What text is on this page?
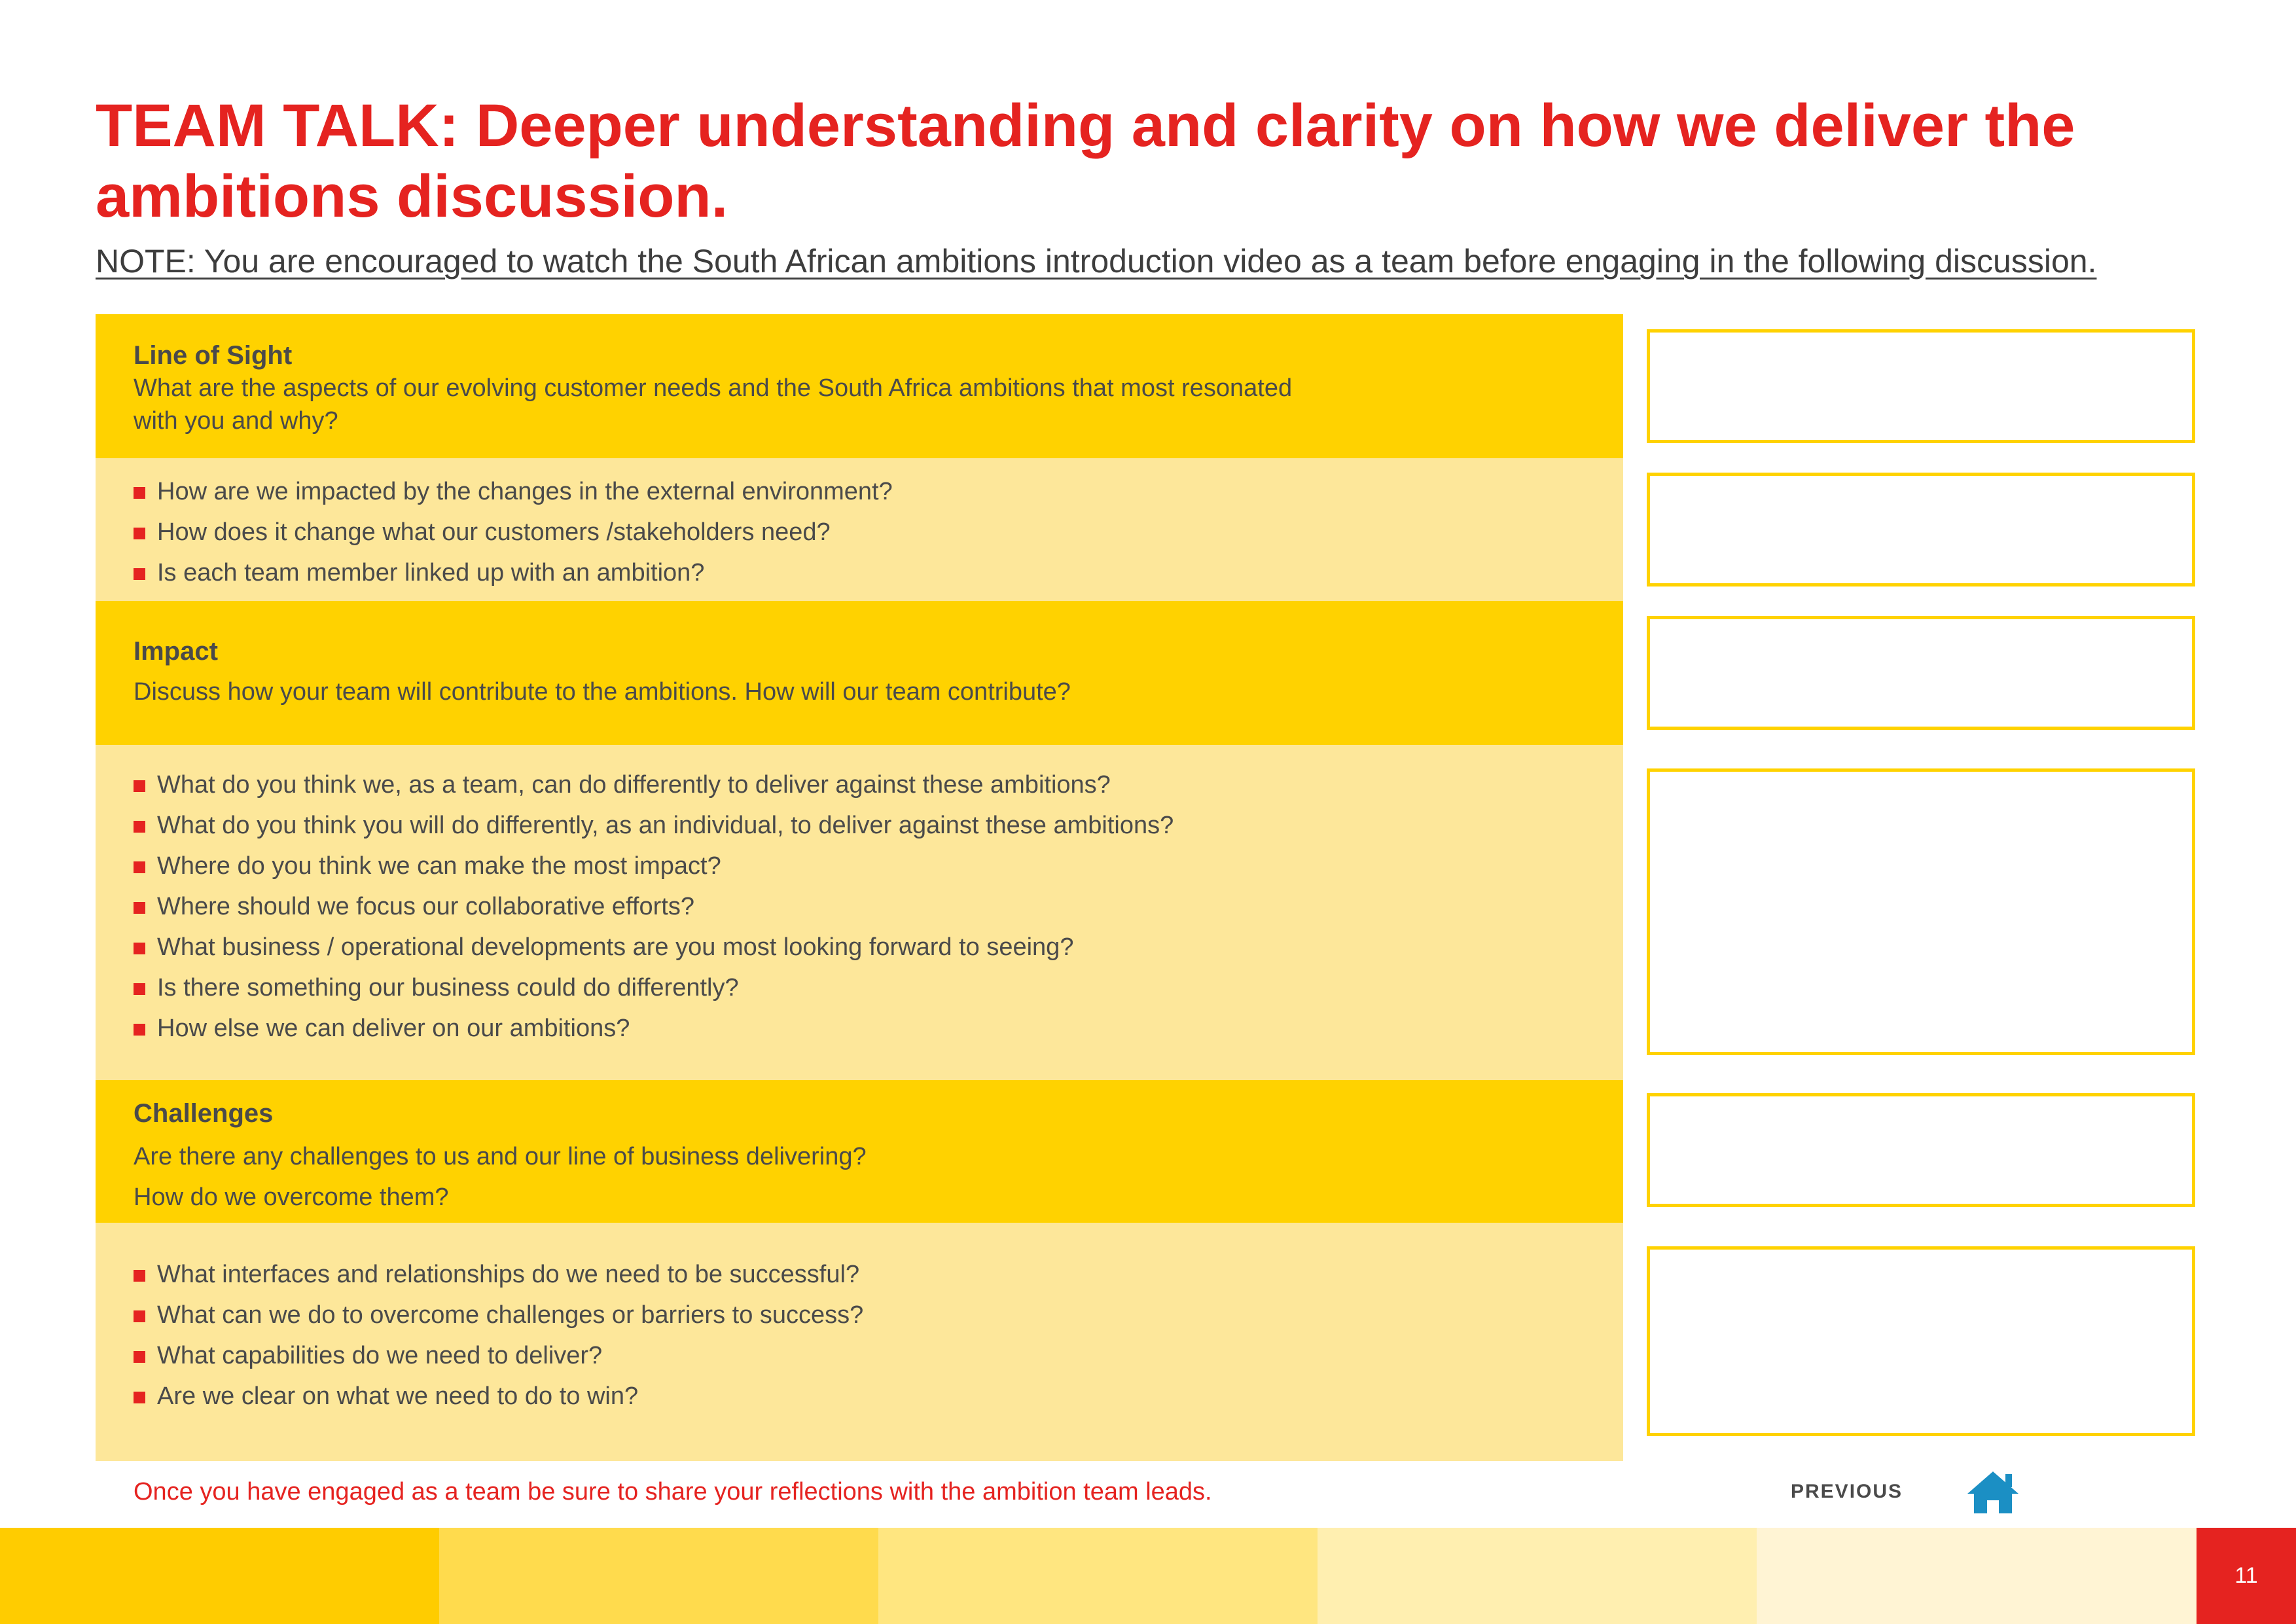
TEAM TALK: Deeper understanding and clarity on how we deliver the ambitions discussion.
NOTE: You are encouraged to watch the South African ambitions introduction video as a team before engaging in the following discussion.

Line of Sight

What are the aspects of our evolving customer needs and the South Africa ambitions that most resonated with you and why?

How are we impacted by the changes in the external environment?
How does it change what our customers /stakeholders need?
Is each team member linked up with an ambition?

Impact

Discuss how your team will contribute to the ambitions. How will our team contribute?

What do you think we, as a team, can do differently to deliver against these ambitions?
What do you think you will do differently, as an individual, to deliver against these ambitions?
Where do you think we can make the most impact?
Where should we focus our collaborative efforts?
What business / operational developments are you most looking forward to seeing?
Is there something our business could do differently?
How else we can deliver on our ambitions?

Challenges

Are there any challenges to us and our line of business delivering?

How do we overcome them?

What interfaces and relationships do we need to be successful?
What can we do to overcome challenges or barriers to success?
What capabilities do we need to deliver?
Are we clear on what we need to do to win?
Once you have engaged as a team be sure to share your reflections with the ambition team leads.	PREVIOUS
11
